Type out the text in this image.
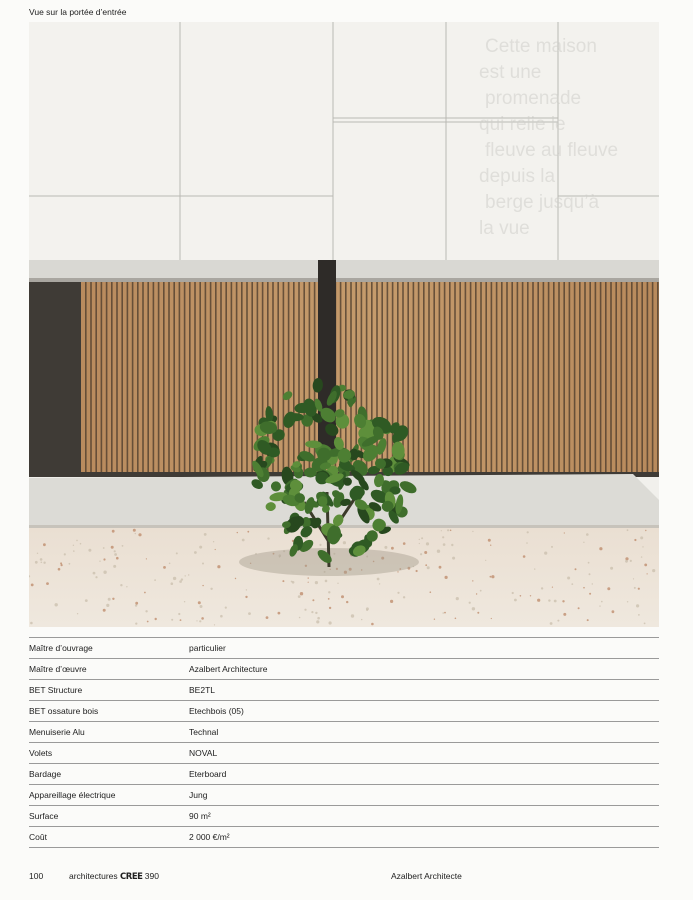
Vue sur la portée d’entrée
Cette maison
est une
promenade
qui relie le
fleuve au fleuve
depuis la
berge jusqu’à
la vue
Maître d’ouvrage	particulier
Maître d’œuvre	Azalbert Architecture
BET Structure	BE2TL
BET ossature bois	Etechbois (05)
Menuiserie Alu	Technal
Volets	NOVAL
Bardage	Eterboard
Appareillage électrique	Jung
Surface	90 m²
Coût	2 000 €/m²
100	architectures CREE 390	Azalbert Architecte
